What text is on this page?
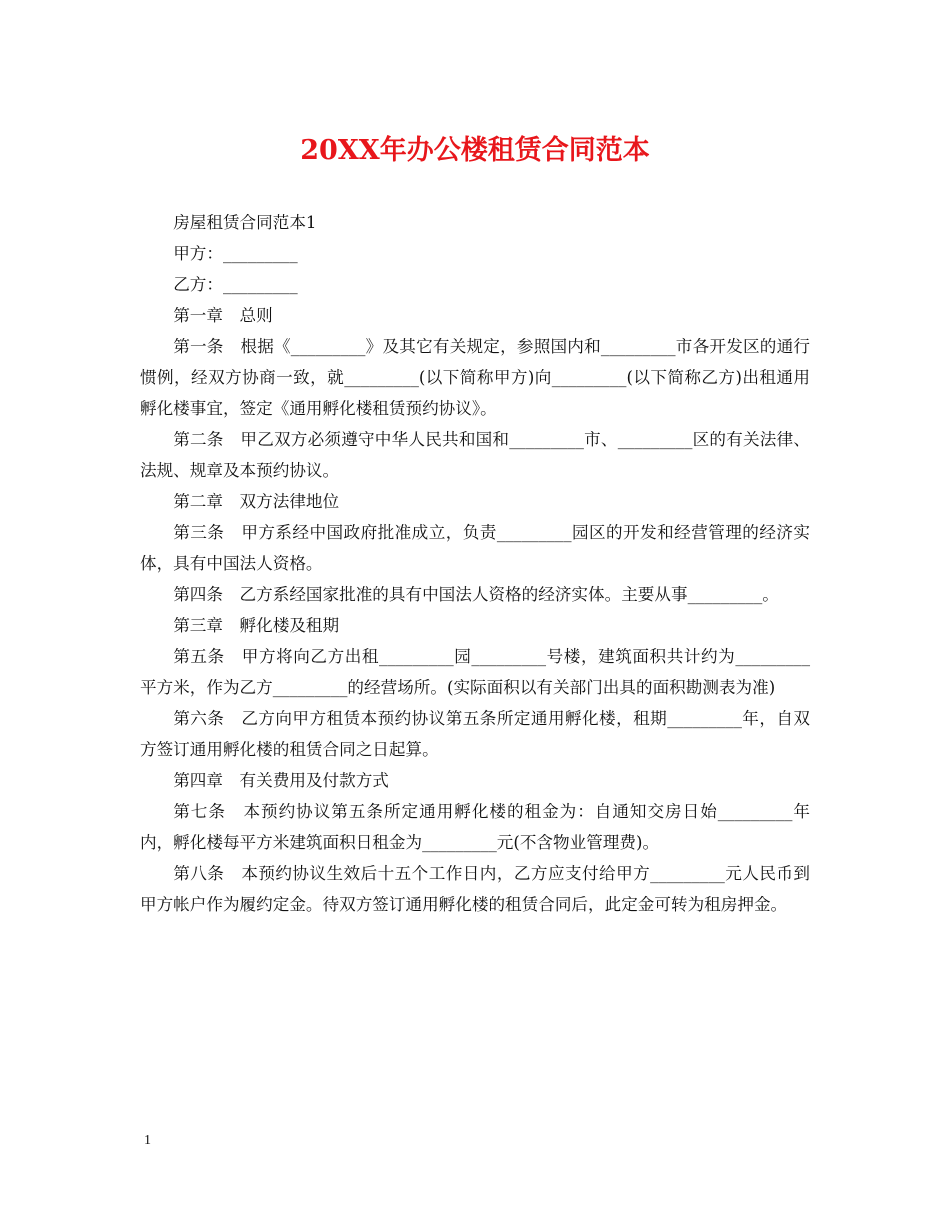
20XX年办公楼租赁合同范本

房屋租赁合同范本1

甲方：_________

乙方：_________

第一章　总则

第一条　根据《_________》及其它有关规定，参照国内和_________市各开发区的通行惯例，经双方协商一致，就_________(以下简称甲方)向_________(以下简称乙方)出租通用孵化楼事宜，签定《通用孵化楼租赁预约协议》。

第二条　甲乙双方必须遵守中华人民共和国和_________市、_________区的有关法律、法规、规章及本预约协议。

第二章　双方法律地位

第三条　甲方系经中国政府批准成立，负责_________园区的开发和经营管理的经济实体，具有中国法人资格。

第四条　乙方系经国家批准的具有中国法人资格的经济实体。主要从事_________。

第三章　孵化楼及租期

第五条　甲方将向乙方出租_________园_________号楼，建筑面积共计约为_________平方米，作为乙方_________的经营场所。(实际面积以有关部门出具的面积勘测表为准)

第六条　乙方向甲方租赁本预约协议第五条所定通用孵化楼，租期_________年，自双方签订通用孵化楼的租赁合同之日起算。

第四章　有关费用及付款方式

第七条　本预约协议第五条所定通用孵化楼的租金为：自通知交房日始_________年内，孵化楼每平方米建筑面积日租金为_________元(不含物业管理费)。

第八条　本预约协议生效后十五个工作日内，乙方应支付给甲方_________元人民币到甲方帐户作为履约定金。待双方签订通用孵化楼的租赁合同后，此定金可转为租房押金。

1
